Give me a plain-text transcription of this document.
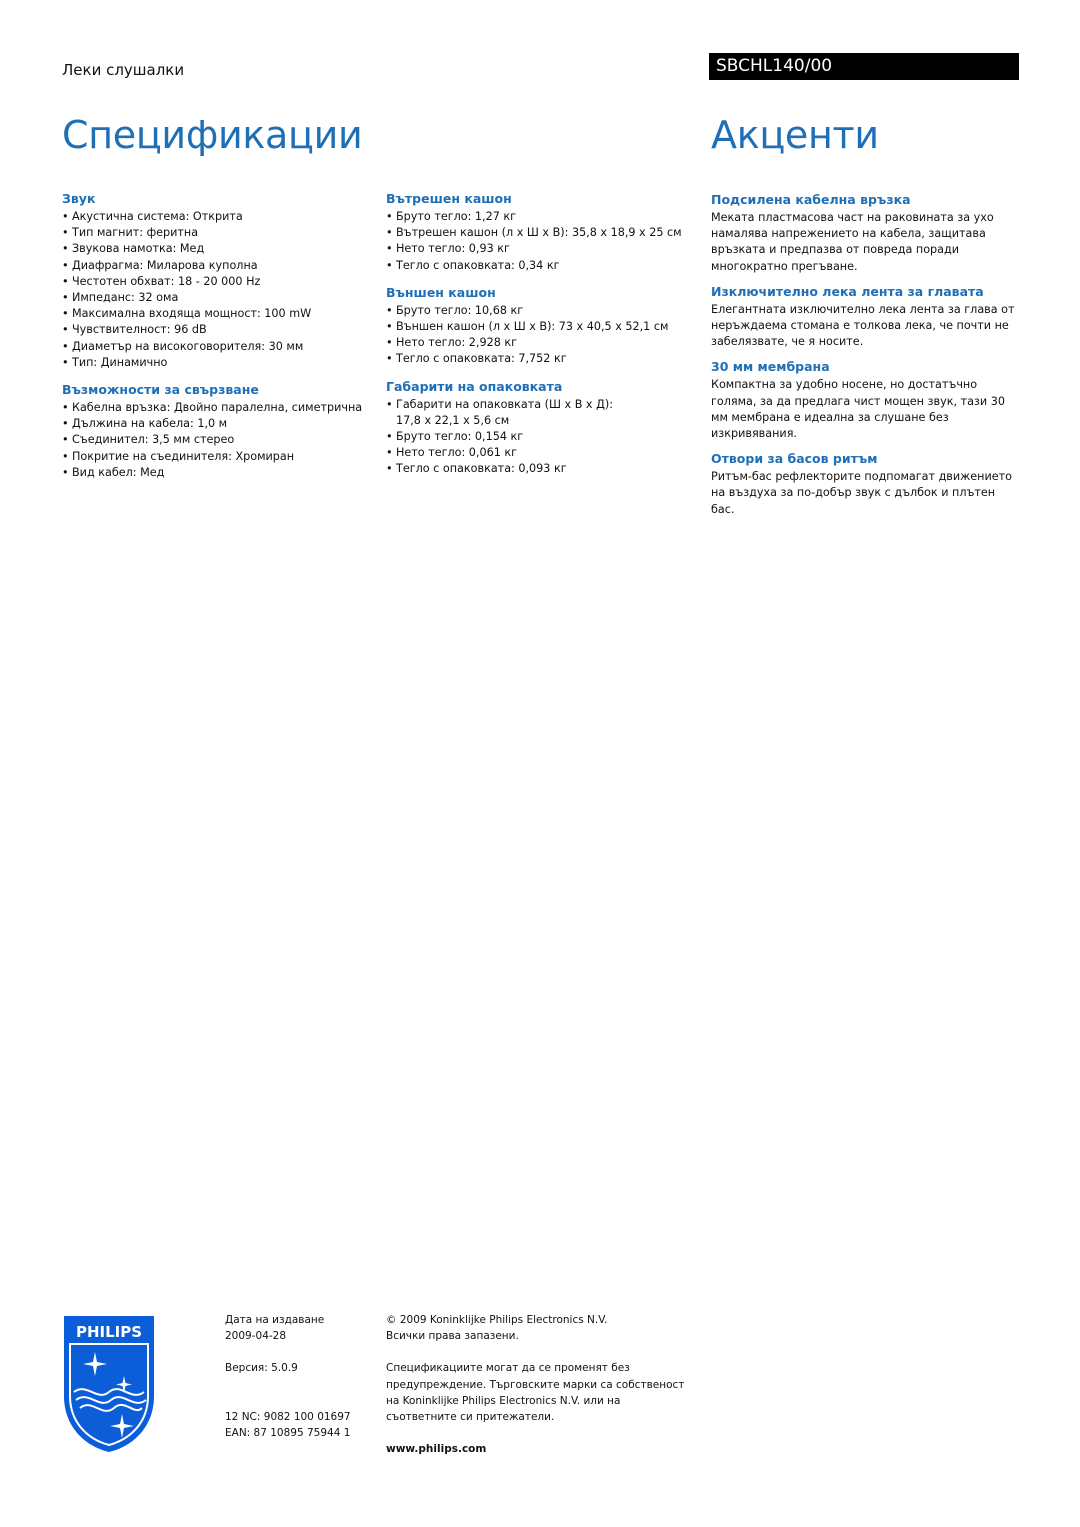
Леки слушалки	SBCHL140/00
Спецификации	Акценти
Звук
• Акустична система: Открита
• Тип магнит: феритна
• Звукова намотка: Мед
• Диафрагма: Миларова куполна
• Честотен обхват: 18 - 20 000 Hz
• Импеданс: 32 ома
• Максимална входяща мощност: 100 mW
• Чувствителност: 96 dB
• Диаметър на високоговорителя: 30 мм
• Тип: Динамично
Възможности за свързване
• Кабелна връзка: Двойно паралелна, симетрична
• Дължина на кабела: 1,0 м
• Съединител: 3,5 мм стерео
• Покритие на съединителя: Хромиран
• Вид кабел: Мед
Вътрешен кашон
• Бруто тегло: 1,27 кг
• Вътрешен кашон (л x Ш x В): 35,8 x 18,9 x 25 см
• Нето тегло: 0,93 кг
• Тегло с опаковката: 0,34 кг
Външен кашон
• Бруто тегло: 10,68 кг
• Външен кашон (л x Ш x В): 73 x 40,5 x 52,1 см
• Нето тегло: 2,928 кг
• Тегло с опаковката: 7,752 кг
Габарити на опаковката
• Габарити на опаковката (Ш x В x Д):
17,8 x 22,1 x 5,6 см
• Бруто тегло: 0,154 кг
• Нето тегло: 0,061 кг
• Тегло с опаковката: 0,093 кг
Подсилена кабелна връзка

Меката пластмасова част на раковината за ухо намалява напрежението на кабела, защитава връзката и предпазва от повреда поради многократно прегъване.

Изключително лека лента за главата

Елегантната изключително лека лента за глава от неръждаема стомана е толкова лека, че почти не забелязвате, че я носите.

30 мм мембрана

Компактна за удобно носене, но достатъчно голяма, за да предлага чист мощен звук, тази 30 мм мембрана е идеална за слушане без изкривявания.

Отвори за басов ритъм

Ритъм-бас рефлекторите подпомагат движението на въздуха за по-добър звук с дълбок и плътен бас.

PHILIPS
Дата на издаване
2009-04-28
Версия: 5.0.9
12 NC: 9082 100 01697
EAN: 87 10895 75944 1
© 2009 Koninklijke Philips Electronics N.V.
Всички права запазени.
Спецификациите могат да се променят без
предупреждение. Търговските марки са собственост
на Koninklijke Philips Electronics N.V. или на
съответните си притежатели.
www.philips.com
